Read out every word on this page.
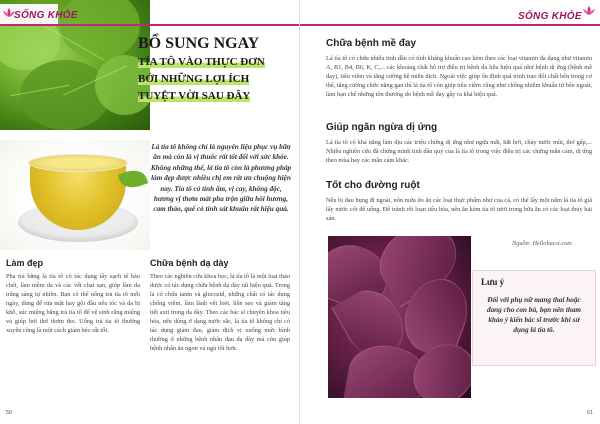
SỐNG KHỎE
BỔ SUNG NGAY
TÍA TÔ VÀO THỰC ĐƠN
BỞI NHỮNG LỢI ÍCH
TUYỆT VỜI SAU ĐÂY
Lá tía tô không chỉ là nguyên liệu phục vụ bữa ăn mà còn là vị thuốc rất tốt đối với sức khỏe. Không những thế, lá tía tô còn là phương pháp làm đẹp được nhiều chị em rất ưa chuộng hiện nay. Tía tô có tính ấm, vị cay, không độc, hương vị thơm mát pha trộn giữa hồi hương, cam thảo, quế có tính sát khuẩn rất hiệu quả.
Làm đẹp
Pha trà bằng lá tía tô có tác dụng tẩy sạch tế bào chết, làm mềm da và các vết chai sạn, giúp làm da trắng sáng tự nhiên. Bạn có thể uống trà tía tô mỗi ngày, dùng để rửa mặt hay gội đầu nếu tóc và da bị khô, súc miệng bằng trà tía tô để vệ sinh răng miệng và giúp hơi thở thơm tho. Uống trà tía tô thường xuyên cũng là một cách giảm béo rất tốt.
Chữa bệnh dạ dày
Theo các nghiên cứu khoa học, lá tía tô là một loại thảo dược có tác dụng chữa bệnh dạ dày rất hiệu quả. Trong lá có chứa tanin và glucozid, những chất có tác dụng chống viêm, làm lành vết loét, liền sẹo và giảm tăng tiết axit trong dạ dày. Theo các bác sĩ chuyên khoa tiêu hóa, nếu dùng ở dạng nước sắc, lá tía tô không chỉ có tác dụng giảm đau, giảm dịch vị xuống mức bình thường ở những bệnh nhân đau dạ dày mà còn giúp bệnh nhân ăn ngon và ngủ tốt hơn.
50
SỐNG KHỎE
Chữa bệnh mề đay
Lá tía tô có chứa nhiều tinh dầu có tính kháng khuẩn cao kèm theo các loại vitamin đa dạng như vitamin A, B1, B4, B6, K, C,... các khoáng chất hỗ trợ điều trị bệnh da liễu hiệu quả như bệnh dị ứng (bệnh mề đay), tiêu viêm và tăng cường hệ miễn dịch. Ngoài việc giúp ổn định quá trình trao đổi chất bên trong cơ thể, tăng cường chức năng gan thì lá tía tô còn giúp tiêu viêm cũng như chống nhiễm khuẩn từ bên ngoài, làm bạn chế những tổn thương do bệnh mề đay gây ra khá hiệu quả.
Giúp ngăn ngừa dị ứng
Lá tía tô có khả năng làm dịu các triệu chứng dị ứng như ngứa mắt, hắt hơi, chảy nước mũi, thở gấp,... Nhiều nghiên cứu đã chứng minh tinh dầu quý của lá tía tô trong việc điều trị các chứng mẫn cảm, dị ứng theo mùa hay các mẫn cảm khác.
Tốt cho đường ruột
Nếu bị đau bụng đi ngoài, nôn mửa do ăn các loại thực phẩm như cua cá, có thể lấy một nắm lá tía tô giã lấy nước cốt để uống. Để tránh rối loạn tiêu hóa, nên ăn kèm tía tô tươi trong bữa ăn có các loại thủy hải sản.
Nguồn: Hellobacsi.com
Lưu ý
Đối với phụ nữ mang thai hoặc đang cho con bú, bạn nên tham khảo ý kiến bác sĩ trước khi sử dụng lá tía tô.
51
